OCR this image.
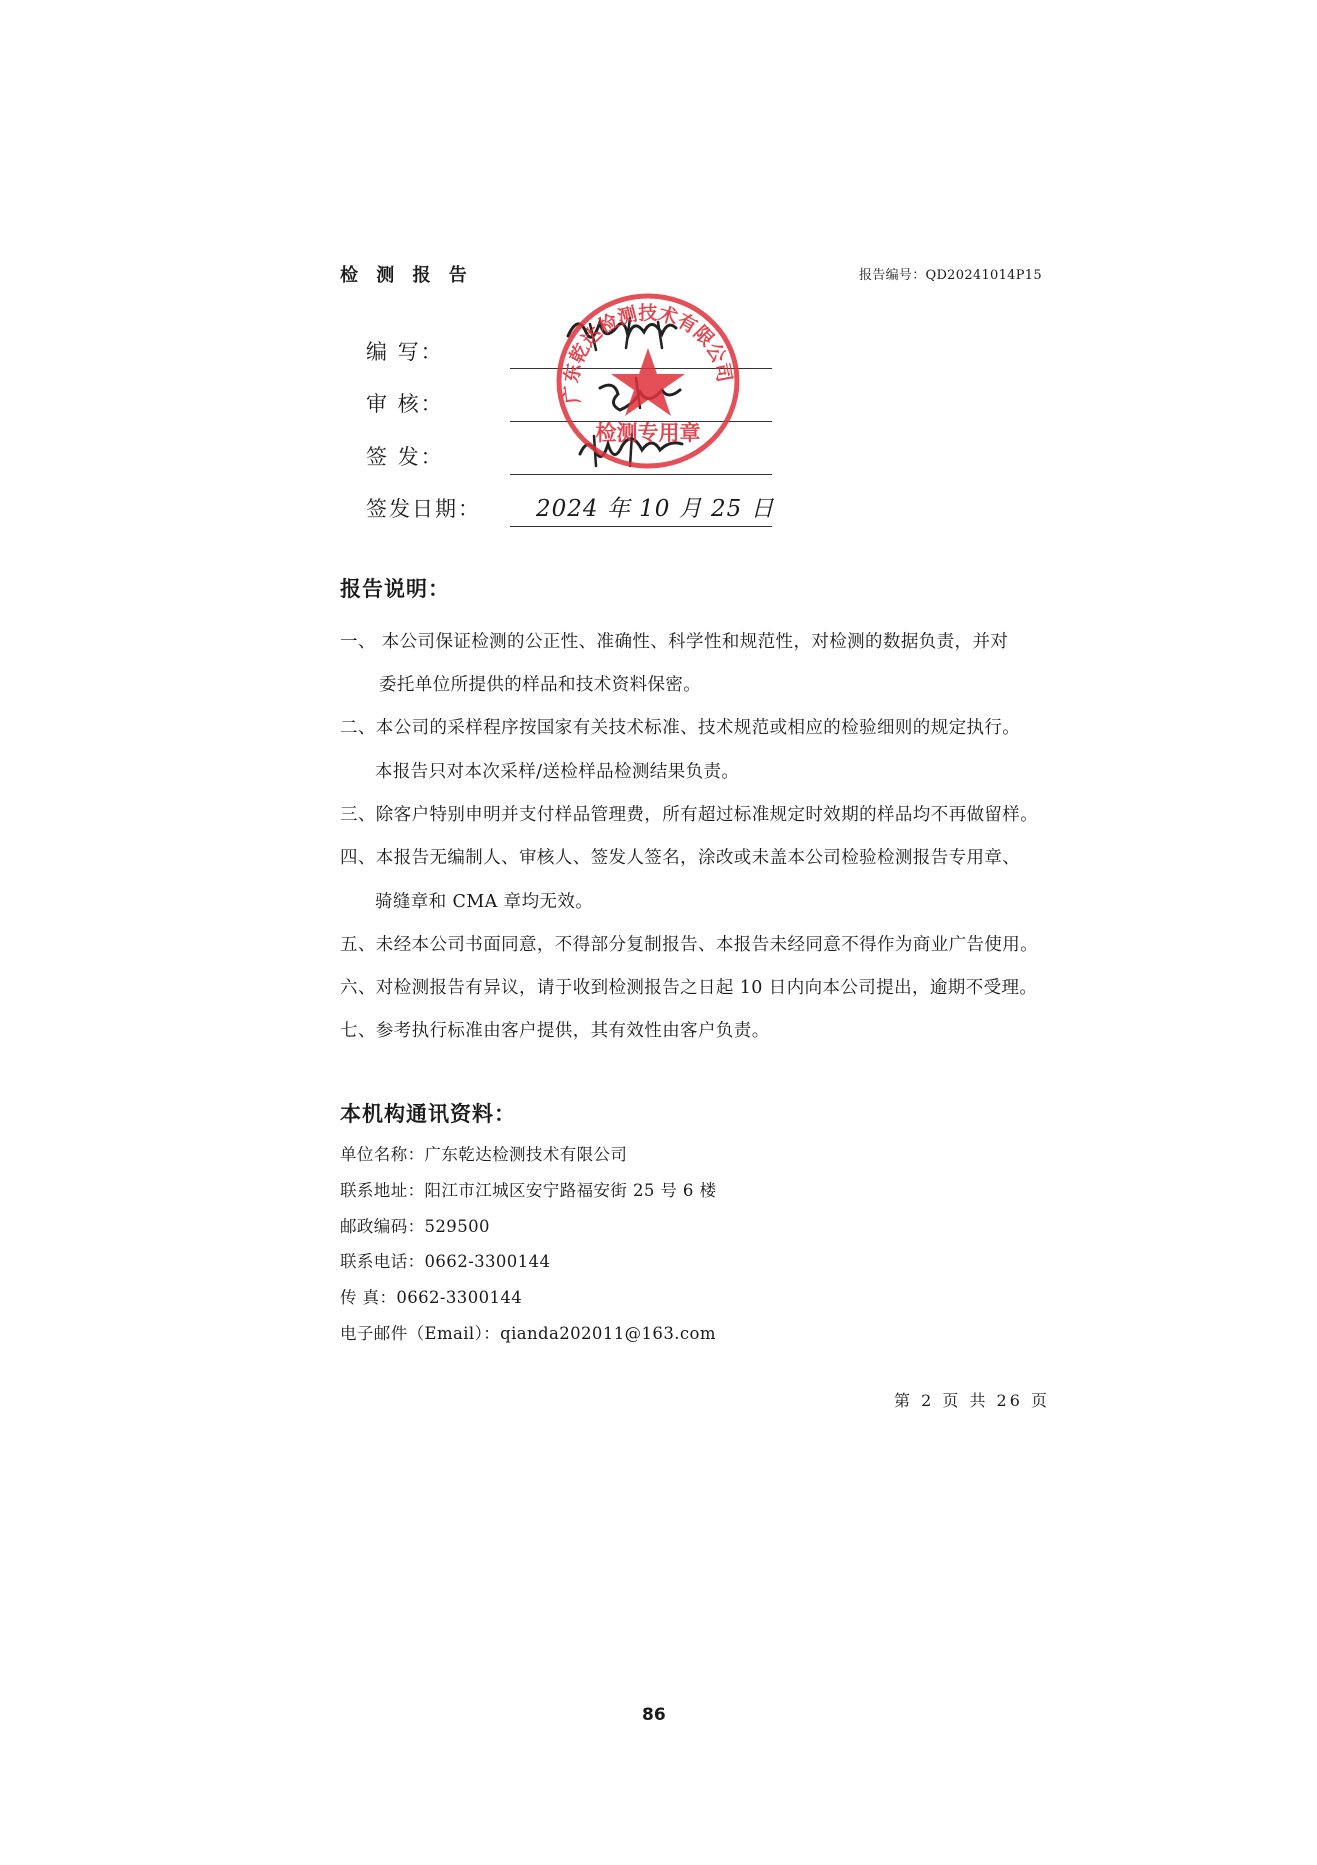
检 测 报 告	报告编号：QD20241014P15
编 写：
审 核：
签 发：
签发日期： 2024 年 10 月 25 日
广东乾达检测技术有限公司
检测专用章
报告说明：
一、 本公司保证检测的公正性、准确性、科学性和规范性，对检测的数据负责，并对
委托单位所提供的样品和技术资料保密。
二、本公司的采样程序按国家有关技术标准、技术规范或相应的检验细则的规定执行。
本报告只对本次采样/送检样品检测结果负责。
三、除客户特别申明并支付样品管理费，所有超过标准规定时效期的样品均不再做留样。
四、本报告无编制人、审核人、签发人签名，涂改或未盖本公司检验检测报告专用章、
骑缝章和 CMA 章均无效。
五、未经本公司书面同意，不得部分复制报告、本报告未经同意不得作为商业广告使用。
六、对检测报告有异议，请于收到检测报告之日起 10 日内向本公司提出，逾期不受理。
七、参考执行标准由客户提供，其有效性由客户负责。
本机构通讯资料：
单位名称：广东乾达检测技术有限公司
联系地址：阳江市江城区安宁路福安街 25 号 6 楼
邮政编码：529500
联系电话：0662-3300144
传 真：0662-3300144
电子邮件（Email）：qianda202011@163.com
第 2 页 共 26 页
86
